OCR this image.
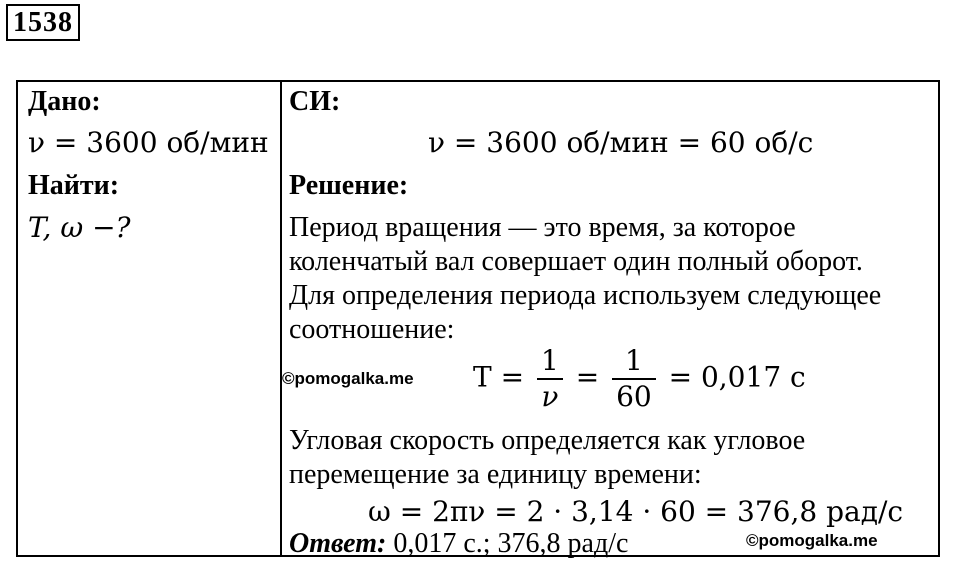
1538
Дано:
ν = 3600 об/мин
Найти:
T, ω −?
СИ:
ν = 3600 об/мин = 60 об/с
Решение:
Период вращения — это время, за которое
коленчатый вал совершает один полный оборот.
Для определения периода используем следующее
соотношение:
©pomogalka.me $T = \frac{1}{\nu} = \frac{1}{60} = 0,017$ с
Угловая скорость определяется как угловое
перемещение за единицу времени:
ω = 2πν = 2 · 3,14 · 60 = 376,8 рад/с
Ответ: 0,017 с.; 376,8 рад/с	©pomogalka.me
